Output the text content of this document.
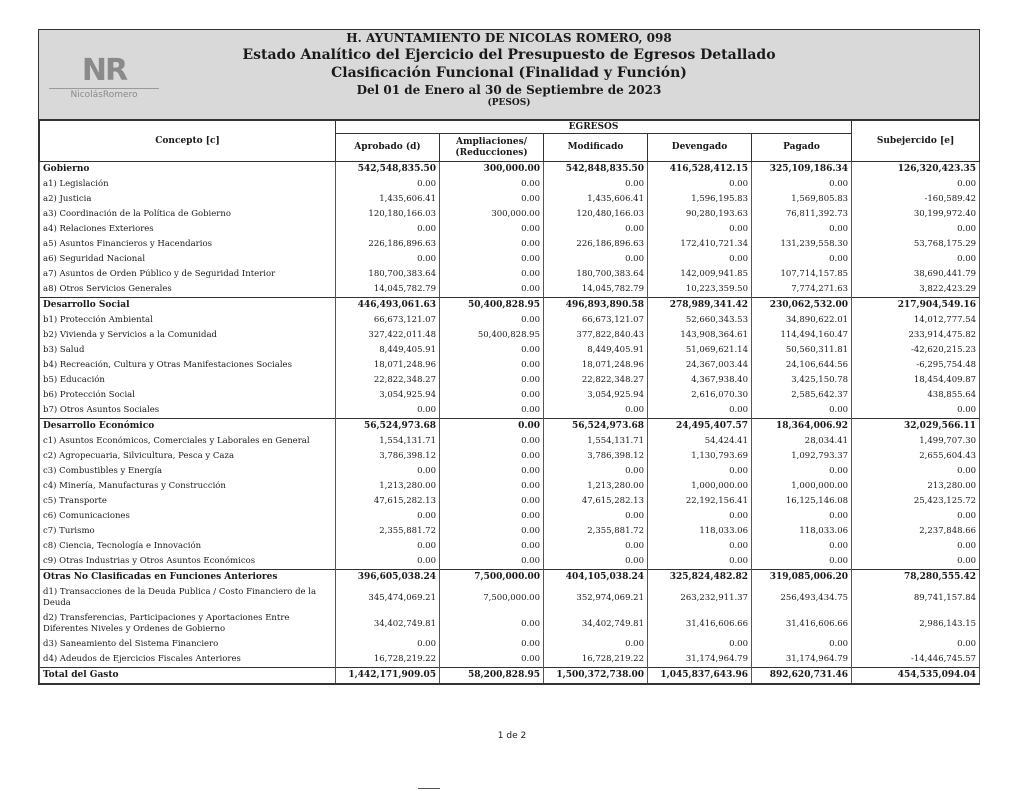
NR
NicolásRomero
H. AYUNTAMIENTO DE NICOLAS ROMERO, 098
Estado Analítico del Ejercicio del Presupuesto de Egresos Detallado
Clasificación Funcional (Finalidad y Función)
Del 01 de Enero al 30 de Septiembre de 2023
(PESOS)
Concepto [c]	EGRESOS					Subejercido [e]
	Aprobado (d)	Ampliaciones/ (Reducciones)	Modificado	Devengado	Pagado	
Gobierno	542,548,835.50	300,000.00	542,848,835.50	416,528,412.15	325,109,186.34	126,320,423.35
a1) Legislación	0.00	0.00	0.00	0.00	0.00	0.00
a2) Justicia	1,435,606.41	0.00	1,435,606.41	1,596,195.83	1,569,805.83	-160,589.42
a3) Coordinación de la Política de Gobierno	120,180,166.03	300,000.00	120,480,166.03	90,280,193.63	76,811,392.73	30,199,972.40
a4) Relaciones Exteriores	0.00	0.00	0.00	0.00	0.00	0.00
a5) Asuntos Financieros y Hacendarios	226,186,896.63	0.00	226,186,896.63	172,410,721.34	131,239,558.30	53,768,175.29
a6) Seguridad Nacional	0.00	0.00	0.00	0.00	0.00	0.00
a7) Asuntos de Orden Público y de Seguridad Interior	180,700,383.64	0.00	180,700,383.64	142,009,941.85	107,714,157.85	38,690,441.79
a8) Otros Servicios Generales	14,045,782.79	0.00	14,045,782.79	10,223,359.50	7,774,271.63	3,822,423.29
Desarrollo Social	446,493,061.63	50,400,828.95	496,893,890.58	278,989,341.42	230,062,532.00	217,904,549.16
b1) Protección Ambiental	66,673,121.07	0.00	66,673,121.07	52,660,343.53	34,890,622.01	14,012,777.54
b2) Vivienda y Servicios a la Comunidad	327,422,011.48	50,400,828.95	377,822,840.43	143,908,364.61	114,494,160.47	233,914,475.82
b3) Salud	8,449,405.91	0.00	8,449,405.91	51,069,621.14	50,560,311.81	-42,620,215.23
b4) Recreación, Cultura y Otras Manifestaciones Sociales	18,071,248.96	0.00	18,071,248.96	24,367,003.44	24,106,644.56	-6,295,754.48
b5) Educación	22,822,348.27	0.00	22,822,348.27	4,367,938.40	3,425,150.78	18,454,409.87
b6) Protección Social	3,054,925.94	0.00	3,054,925.94	2,616,070.30	2,585,642.37	438,855.64
b7) Otros Asuntos Sociales	0.00	0.00	0.00	0.00	0.00	0.00
Desarrollo Económico	56,524,973.68	0.00	56,524,973.68	24,495,407.57	18,364,006.92	32,029,566.11
c1) Asuntos Económicos, Comerciales y Laborales en General	1,554,131.71	0.00	1,554,131.71	54,424.41	28,034.41	1,499,707.30
c2) Agropecuaria, Silvicultura, Pesca y Caza	3,786,398.12	0.00	3,786,398.12	1,130,793.69	1,092,793.37	2,655,604.43
c3) Combustibles y Energía	0.00	0.00	0.00	0.00	0.00	0.00
c4) Minería, Manufacturas y Construcción	1,213,280.00	0.00	1,213,280.00	1,000,000.00	1,000,000.00	213,280.00
c5) Transporte	47,615,282.13	0.00	47,615,282.13	22,192,156.41	16,125,146.08	25,423,125.72
c6) Comunicaciones	0.00	0.00	0.00	0.00	0.00	0.00
c7) Turismo	2,355,881.72	0.00	2,355,881.72	118,033.06	118,033.06	2,237,848.66
c8) Ciencia, Tecnología e Innovación	0.00	0.00	0.00	0.00	0.00	0.00
c9) Otras Industrias y Otros Asuntos Económicos	0.00	0.00	0.00	0.00	0.00	0.00
Otras No Clasificadas en Funciones Anteriores	396,605,038.24	7,500,000.00	404,105,038.24	325,824,482.82	319,085,006.20	78,280,555.42
d1) Transacciones de la Deuda Publica / Costo Financiero de la Deuda	345,474,069.21	7,500,000.00	352,974,069.21	263,232,911.37	256,493,434.75	89,741,157.84
d2) Transferencias, Participaciones y Aportaciones Entre Diferentes Niveles y Ordenes de Gobierno	34,402,749.81	0.00	34,402,749.81	31,416,606.66	31,416,606.66	2,986,143.15
d3) Saneamiento del Sistema Financiero	0.00	0.00	0.00	0.00	0.00	0.00
d4) Adeudos de Ejercicios Fiscales Anteriores	16,728,219.22	0.00	16,728,219.22	31,174,964.79	31,174,964.79	-14,446,745.57
Total del Gasto	1,442,171,909.05	58,200,828.95	1,500,372,738.00	1,045,837,643.96	892,620,731.46	454,535,094.04
1 de 2
